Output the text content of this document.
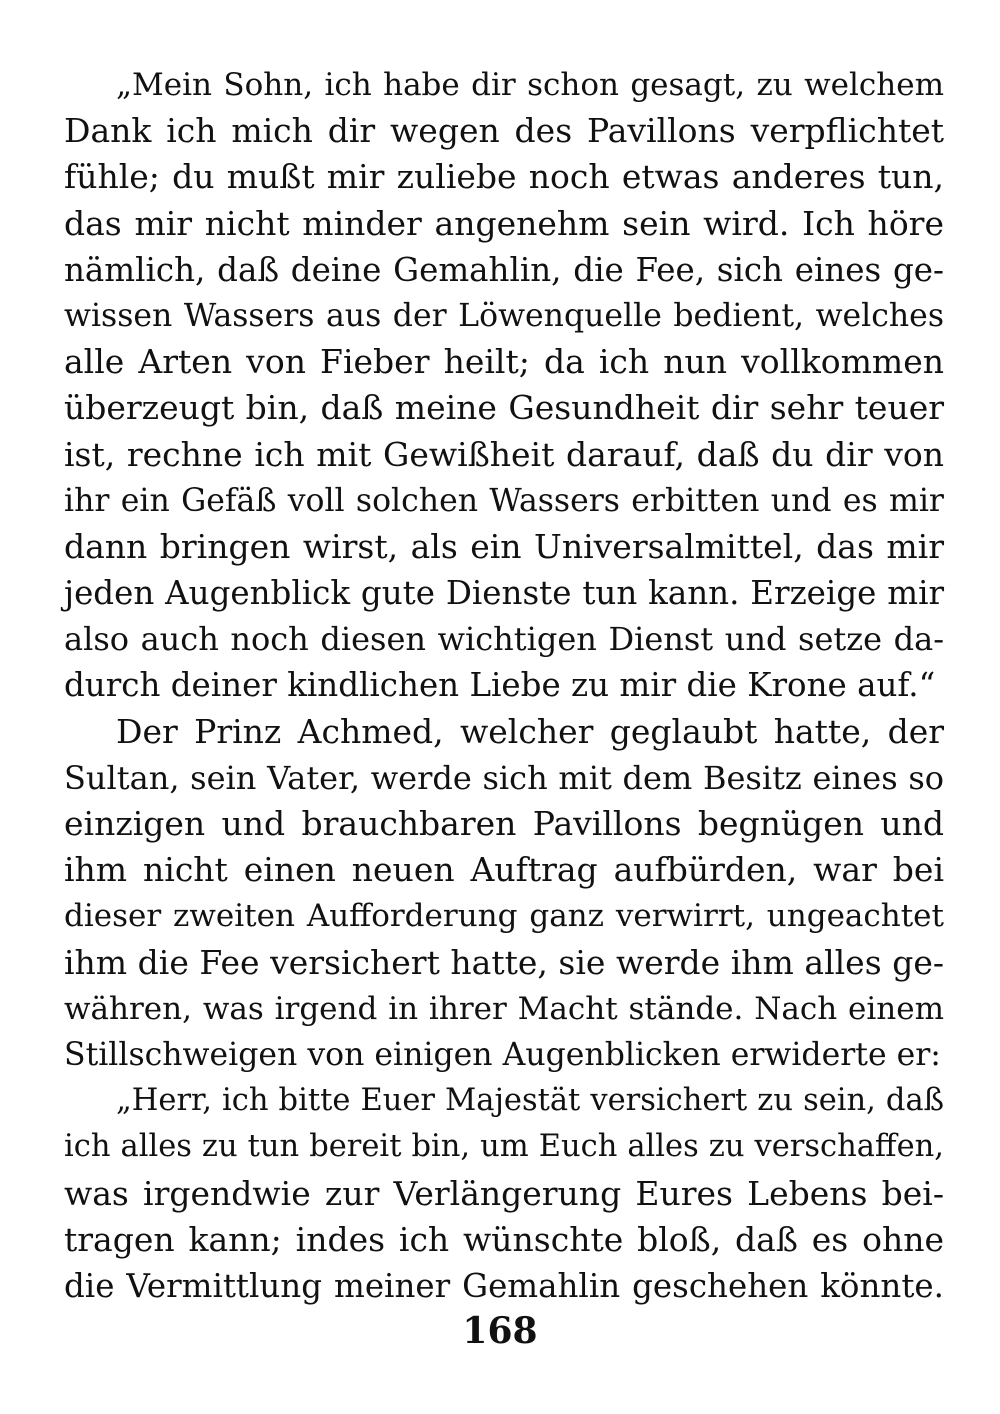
„Mein Sohn, ich habe dir schon gesagt, zu welchem
Dank ich mich dir wegen des Pavillons verpflichtet
fühle; du mußt mir zuliebe noch etwas anderes tun,
das mir nicht minder angenehm sein wird. Ich höre
nämlich, daß deine Gemahlin, die Fee, sich eines ge-
wissen Wassers aus der Löwenquelle bedient, welches
alle Arten von Fieber heilt; da ich nun vollkommen
überzeugt bin, daß meine Gesundheit dir sehr teuer
ist, rechne ich mit Gewißheit darauf, daß du dir von
ihr ein Gefäß voll solchen Wassers erbitten und es mir
dann bringen wirst, als ein Universalmittel, das mir
jeden Augenblick gute Dienste tun kann. Erzeige mir
also auch noch diesen wichtigen Dienst und setze da-
durch deiner kindlichen Liebe zu mir die Krone auf.“
Der Prinz Achmed, welcher geglaubt hatte, der
Sultan, sein Vater, werde sich mit dem Besitz eines so
einzigen und brauchbaren Pavillons begnügen und
ihm nicht einen neuen Auftrag aufbürden, war bei
dieser zweiten Aufforderung ganz verwirrt, ungeachtet
ihm die Fee versichert hatte, sie werde ihm alles ge-
währen, was irgend in ihrer Macht stände. Nach einem
Stillschweigen von einigen Augenblicken erwiderte er:
„Herr, ich bitte Euer Majestät versichert zu sein, daß
ich alles zu tun bereit bin, um Euch alles zu verschaffen,
was irgendwie zur Verlängerung Eures Lebens bei-
tragen kann; indes ich wünschte bloß, daß es ohne
die Vermittlung meiner Gemahlin geschehen könnte.
168
